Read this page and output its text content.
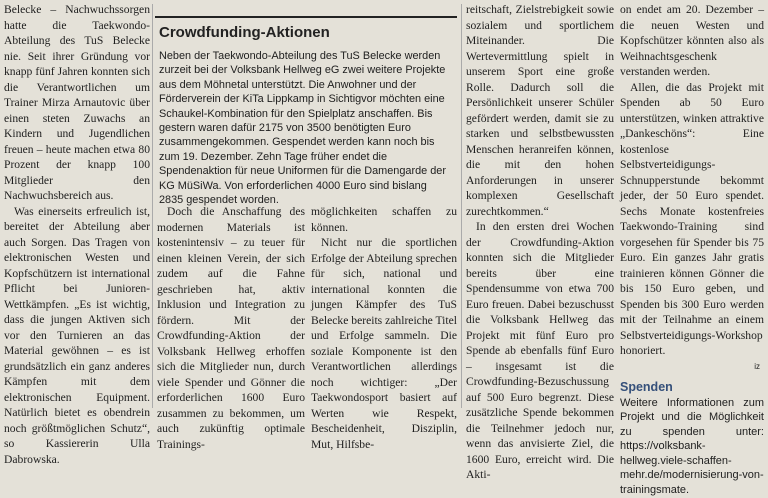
Belecke – Nachwuchssorgen hatte die Taekwondo-Abteilung des TuS Belecke nie. Seit ihrer Gründung vor knapp fünf Jahren konnten sich die Verantwortlichen um Trainer Mirza Arnautovic über einen steten Zuwachs an Kindern und Jugendlichen freuen – heute machen etwa 80 Prozent der knapp 100 Mitglieder den Nachwuchsbereich aus.

Was einerseits erfreulich ist, bereitet der Abteilung aber auch Sorgen. Das Tragen von elektronischen Westen und Kopfschützern ist international Pflicht bei Junioren-Wettkämpfen. „Es ist wichtig, dass die jungen Aktiven sich vor den Turnieren an das Material gewöhnen – es ist grundsätzlich ein ganz anderes Kämpfen mit dem elektronischen Equipment. Natürlich bietet es obendrein noch größtmöglichen Schutz“, so Kassiererin Ulla Dabrowska.

Crowdfunding-Aktionen
Neben der Taekwondo-Abteilung des TuS Belecke werden zurzeit bei der Volksbank Hellweg eG zwei weitere Projekte aus dem Möhnetal unterstützt. Die Anwohner und der Förderverein der KiTa Lippkamp in Sichtigvor möchten eine Schaukel-Kombination für den Spielplatz anschaffen. Bis gestern waren dafür 2175 von 3500 benötigten Euro zusammengekommen. Gespendet werden kann noch bis zum 19. Dezember. Zehn Tage früher endet die Spendenaktion für neue Uniformen für die Damengarde der KG MüSiWa. Von erforderlichen 4000 Euro sind bislang 2835 gespendet worden.

Doch die Anschaffung des modernen Materials ist kostenintensiv – zu teuer für einen kleinen Verein, der sich zudem auf die Fahne geschrieben hat, aktiv Inklusion und Integration zu fördern. Mit der Crowdfunding-Aktion der Volksbank Hellweg erhoffen sich die Mitglieder nun, durch viele Spender und Gönner die erforderlichen 1600 Euro zusammen zu bekommen, um auch zukünftig optimale Trainings-

möglichkeiten schaffen zu können.

Nicht nur die sportlichen Erfolge der Abteilung sprechen für sich, national und international konnten die jungen Kämpfer des TuS Belecke bereits zahlreiche Titel und Erfolge sammeln. Die soziale Komponente ist den Verantwortlichen allerdings noch wichtiger: „Der Taekwondosport basiert auf Werten wie Respekt, Bescheidenheit, Disziplin, Mut, Hilfsbe-

reitschaft, Zielstrebigkeit sowie sozialem und sportlichem Miteinander. Die Wertevermittlung spielt in unserem Sport eine große Rolle. Dadurch soll die Persönlichkeit unserer Schüler gefördert werden, damit sie zu starken und selbstbewussten Menschen heranreifen können, die mit den hohen Anforderungen in unserer komplexen Gesellschaft zurechtkommen.“

In den ersten drei Wochen der Crowdfunding-Aktion konnten sich die Mitglieder bereits über eine Spendensumme von etwa 700 Euro freuen. Dabei bezuschusst die Volksbank Hellweg das Projekt mit fünf Euro pro Spende ab ebenfalls fünf Euro – insgesamt ist die Crowdfunding-Bezuschussung auf 500 Euro begrenzt. Diese zusätzliche Spende bekommen die Teilnehmer jedoch nur, wenn das anvisierte Ziel, die 1600 Euro, erreicht wird. Die Akti-

on endet am 20. Dezember – die neuen Westen und Kopfschützer könnten also als Weihnachtsgeschenk verstanden werden.

Allen, die das Projekt mit Spenden ab 50 Euro unterstützen, winken attraktive „Dankeschöns“: Eine kostenlose Selbstverteidigungs-Schnupperstunde bekommt jeder, der 50 Euro spendet. Sechs Monate kostenfreies Taekwondo-Training sind vorgesehen für Spender bis 75 Euro. Ein ganzes Jahr gratis trainieren können Gönner die bis 150 Euro geben, und Spenden bis 300 Euro werden mit der Teilnahme an einem Selbstverteidigungs-Workshop honoriert.

iz
Spenden
Weitere Informationen zum Projekt und die Möglichkeit zu spenden unter: https://volksbank-hellweg.viele-schaffen-mehr.de/modernisierung-von-trainingsmate.
